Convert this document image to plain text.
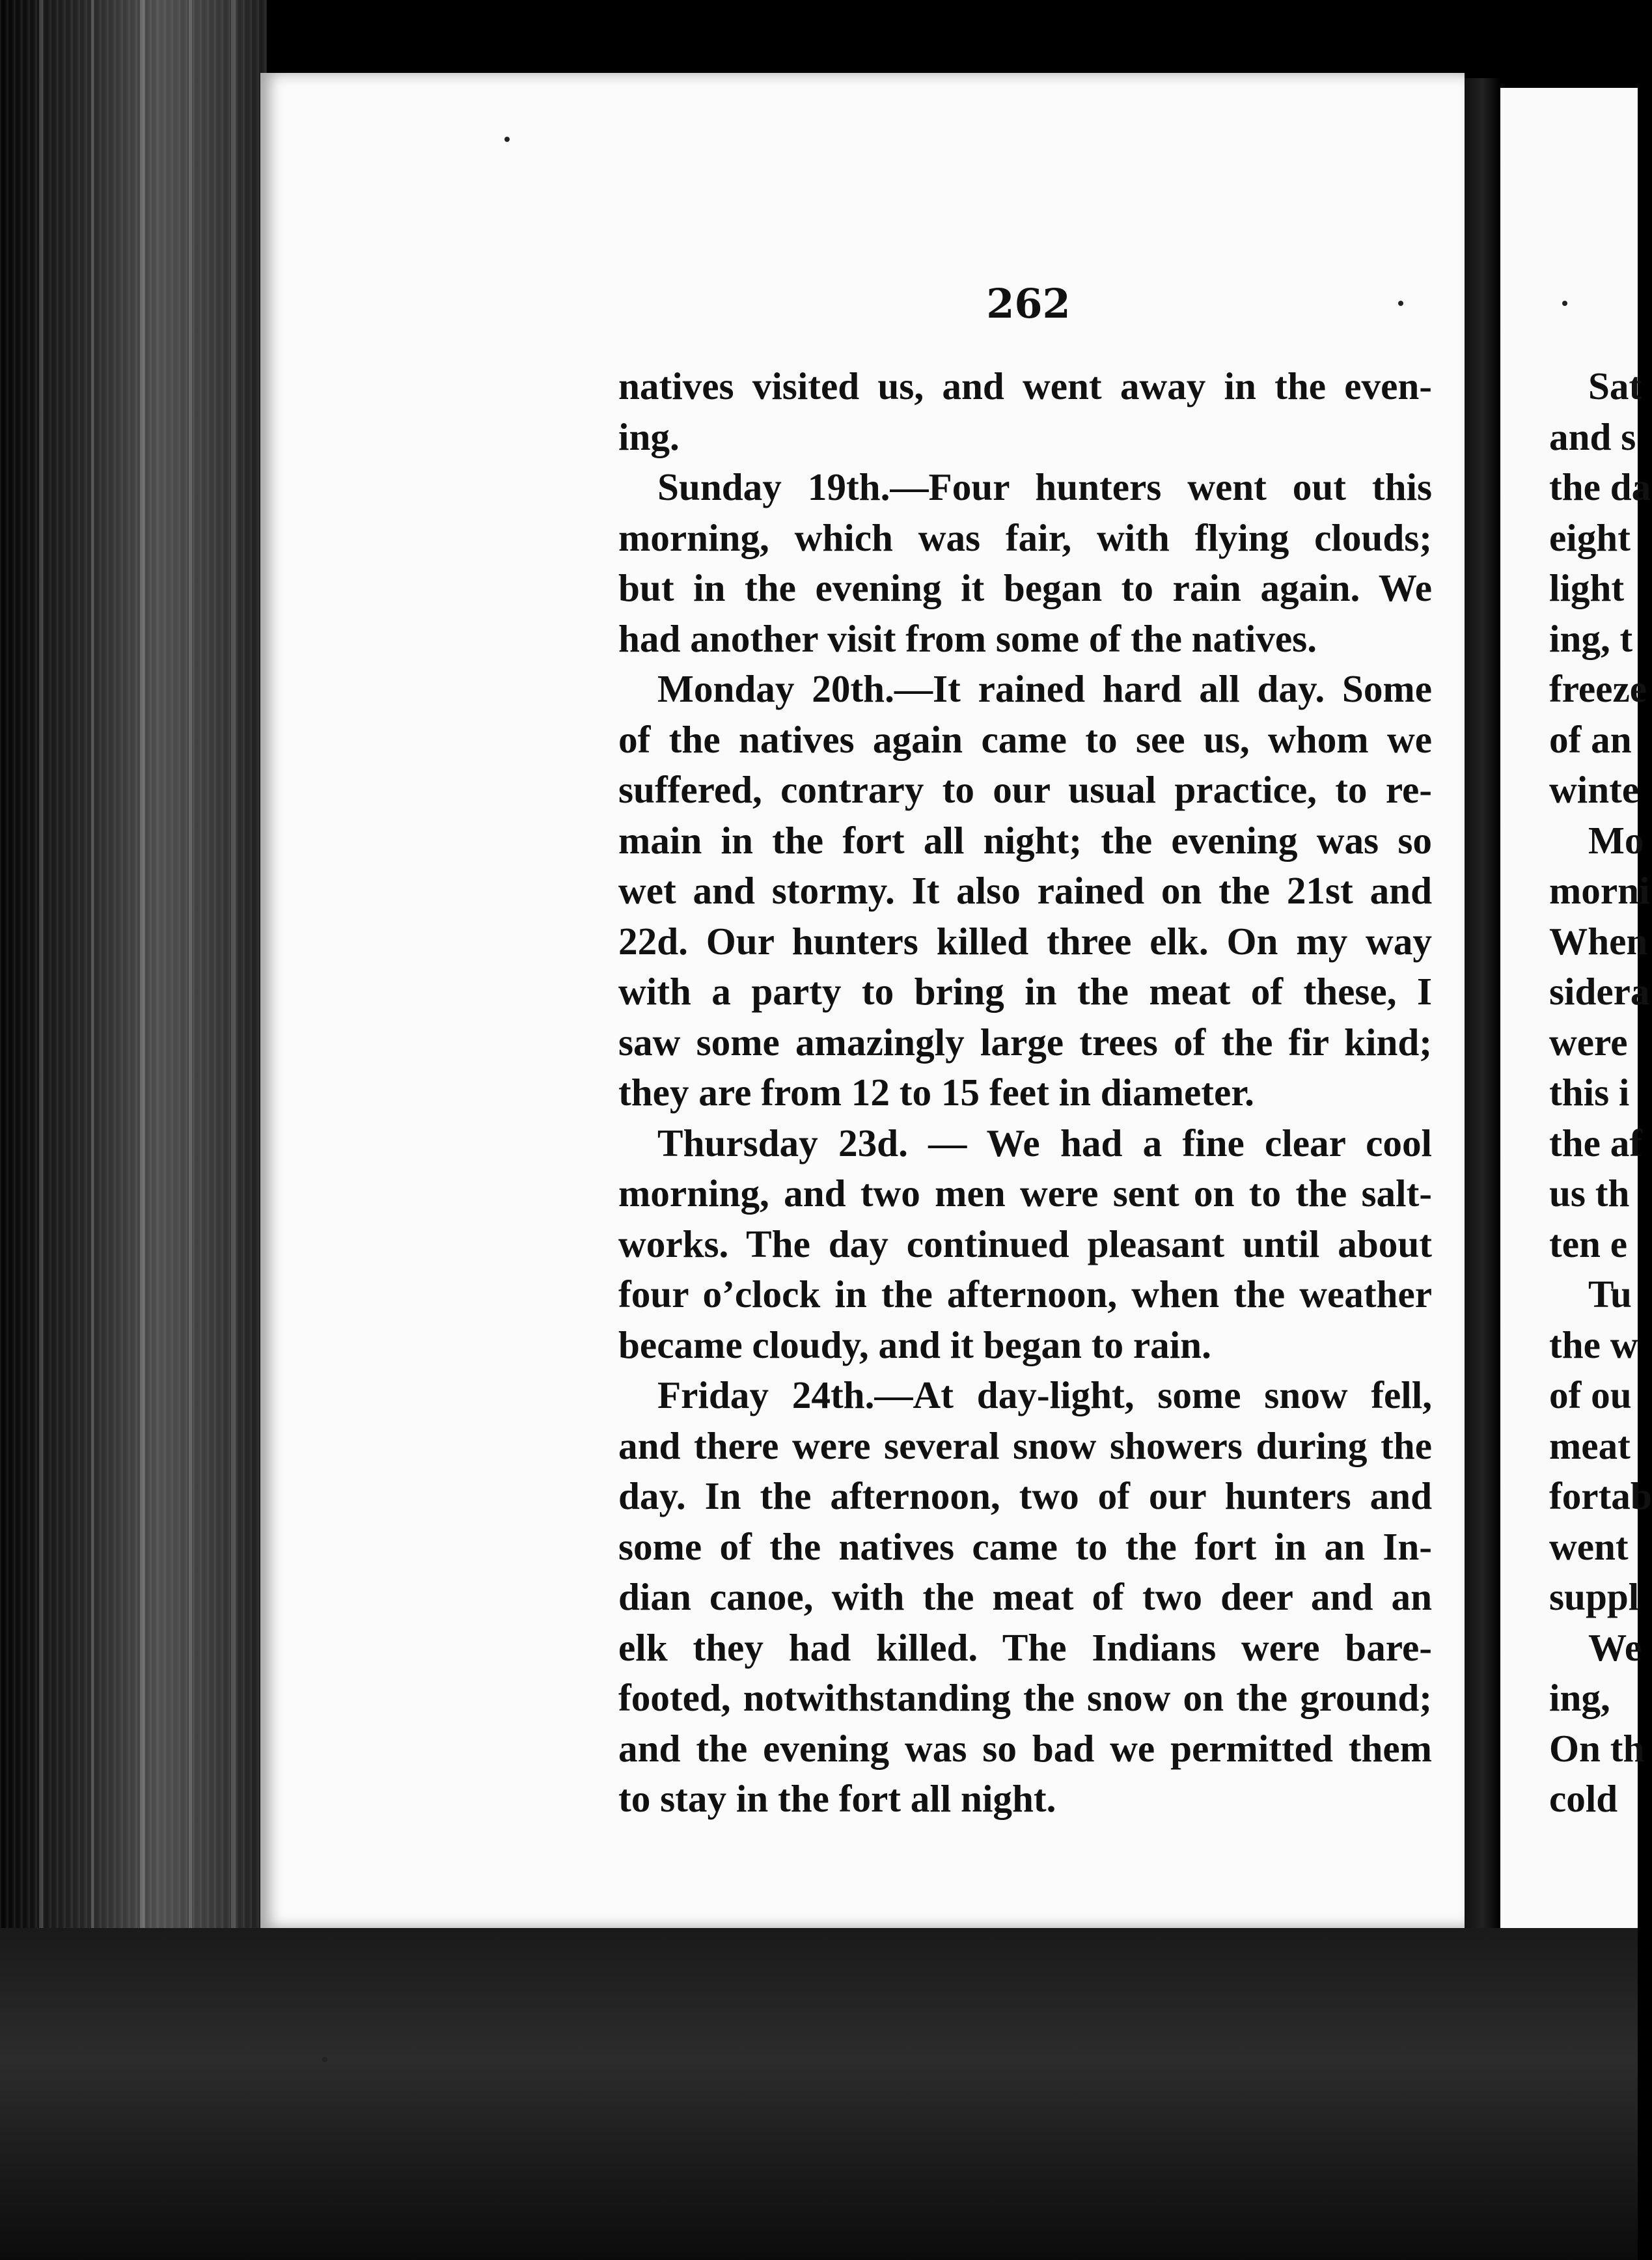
262
natives visited us, and went away in the even-
ing.
Sunday 19th.—Four hunters went out this
morning, which was fair, with flying clouds;
but in the evening it began to rain again. We
had another visit from some of the natives.
Monday 20th.—It rained hard all day. Some
of the natives again came to see us, whom we
suffered, contrary to our usual practice, to re-
main in the fort all night; the evening was so
wet and stormy. It also rained on the 21st and
22d. Our hunters killed three elk. On my way
with a party to bring in the meat of these, I
saw some amazingly large trees of the fir kind;
they are from 12 to 15 feet in diameter.
Thursday 23d. — We had a fine clear cool
morning, and two men were sent on to the salt-
works. The day continued pleasant until about
four o’clock in the afternoon, when the weather
became cloudy, and it began to rain.
Friday 24th.—At day-light, some snow fell,
and there were several snow showers during the
day. In the afternoon, two of our hunters and
some of the natives came to the fort in an In-
dian canoe, with the meat of two deer and an
elk they had killed. The Indians were bare-
footed, notwithstanding the snow on the ground;
and the evening was so bad we permitted them
to stay in the fort all night.
Sat
and s
the da
eight
light
ing, t
freeze
of an
winte
Mo
morni
When
sidera
were
this i
the af
us th
ten e
Tu
the w
of ou
meat
fortab
went
suppl
We
ing,
On th
cold
